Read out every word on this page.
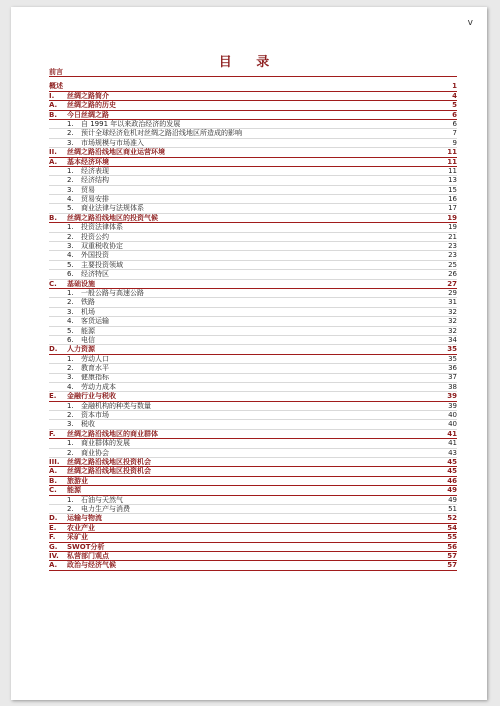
v
目 录
前言
概述	1
I.	丝绸之路简介	4
A.	丝绸之路的历史	5
B.	今日丝绸之路	6
1.	自 1991 年以来政治经济的发展	6
2.	预计全球经济危机对丝绸之路沿线地区所造成的影响	7
3.	市场规模与市场准入	9
II.	丝绸之路沿线地区商业运营环境	11
A.	基本经济环境	11
1.	经济表现	11
2.	经济结构	13
3.	贸易	15
4.	贸易安排	16
5.	商业法律与法规体系	17
B.	丝绸之路沿线地区的投资气候	19
1.	投资法律体系	19
2.	投资公约	21
3.	双重税收协定	23
4.	外国投资	23
5.	主要投资领域	25
6.	经济特区	26
C.	基础设施	27
1.	一般公路与高速公路	29
2.	铁路	31
3.	机场	32
4.	客货运输	32
5.	能源	32
6.	电信	34
D.	人力资源	35
1.	劳动人口	35
2.	教育水平	36
3.	健康指标	37
4.	劳动力成本	38
E.	金融行业与税收	39
1.	金融机构的种类与数量	39
2.	资本市场	40
3.	税收	40
F.	丝绸之路沿线地区的商业群体	41
1.	商业群体的发展	41
2.	商业协会	43
III.	丝绸之路沿线地区投资机会	45
A.	丝绸之路沿线地区投资机会	45
B.	旅游业	46
C.	能源	49
1.	石油与天然气	49
2.	电力生产与消费	51
D.	运输与物流	52
E.	农业产业	54
F.	采矿业	55
G.	SWOT分析	56
IV.	私营部门观点	57
A.	政治与经济气候	57
